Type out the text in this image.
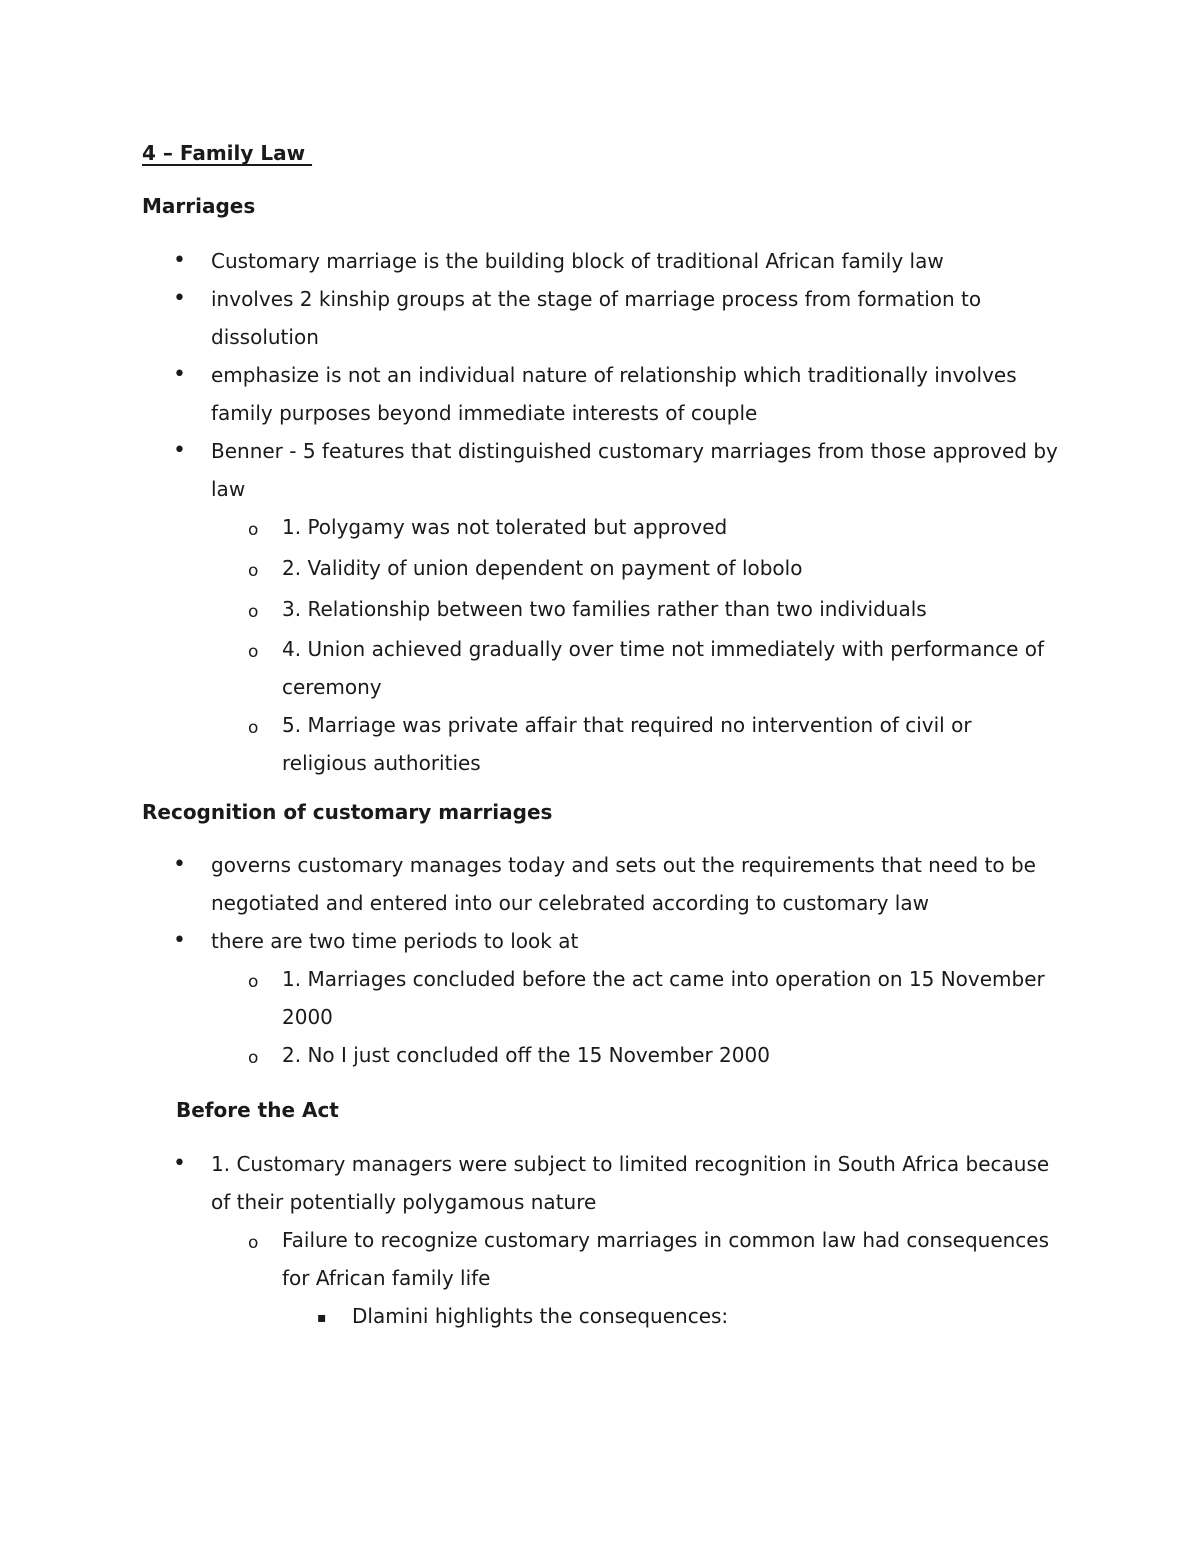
4 – Family Law
Marriages
• Customary marriage is the building block of traditional African family law
• involves 2 kinship groups at the stage of marriage process from formation to dissolution
• emphasize is not an individual nature of relationship which traditionally involves family purposes beyond immediate interests of couple
• Benner - 5 features that distinguished customary marriages from those approved by law
o 1. Polygamy was not tolerated but approved
o 2. Validity of union dependent on payment of lobolo
o 3. Relationship between two families rather than two individuals
o 4. Union achieved gradually over time not immediately with performance of ceremony
o 5. Marriage was private affair that required no intervention of civil or religious authorities
Recognition of customary marriages
• governs customary manages today and sets out the requirements that need to be negotiated and entered into our celebrated according to customary law
• there are two time periods to look at
o 1. Marriages concluded before the act came into operation on 15 November 2000
o 2. No I just concluded off the 15 November 2000
Before the Act
• 1. Customary managers were subject to limited recognition in South Africa because of their potentially polygamous nature
o Failure to recognize customary marriages in common law had consequences for African family life
▪ Dlamini highlights the consequences:
